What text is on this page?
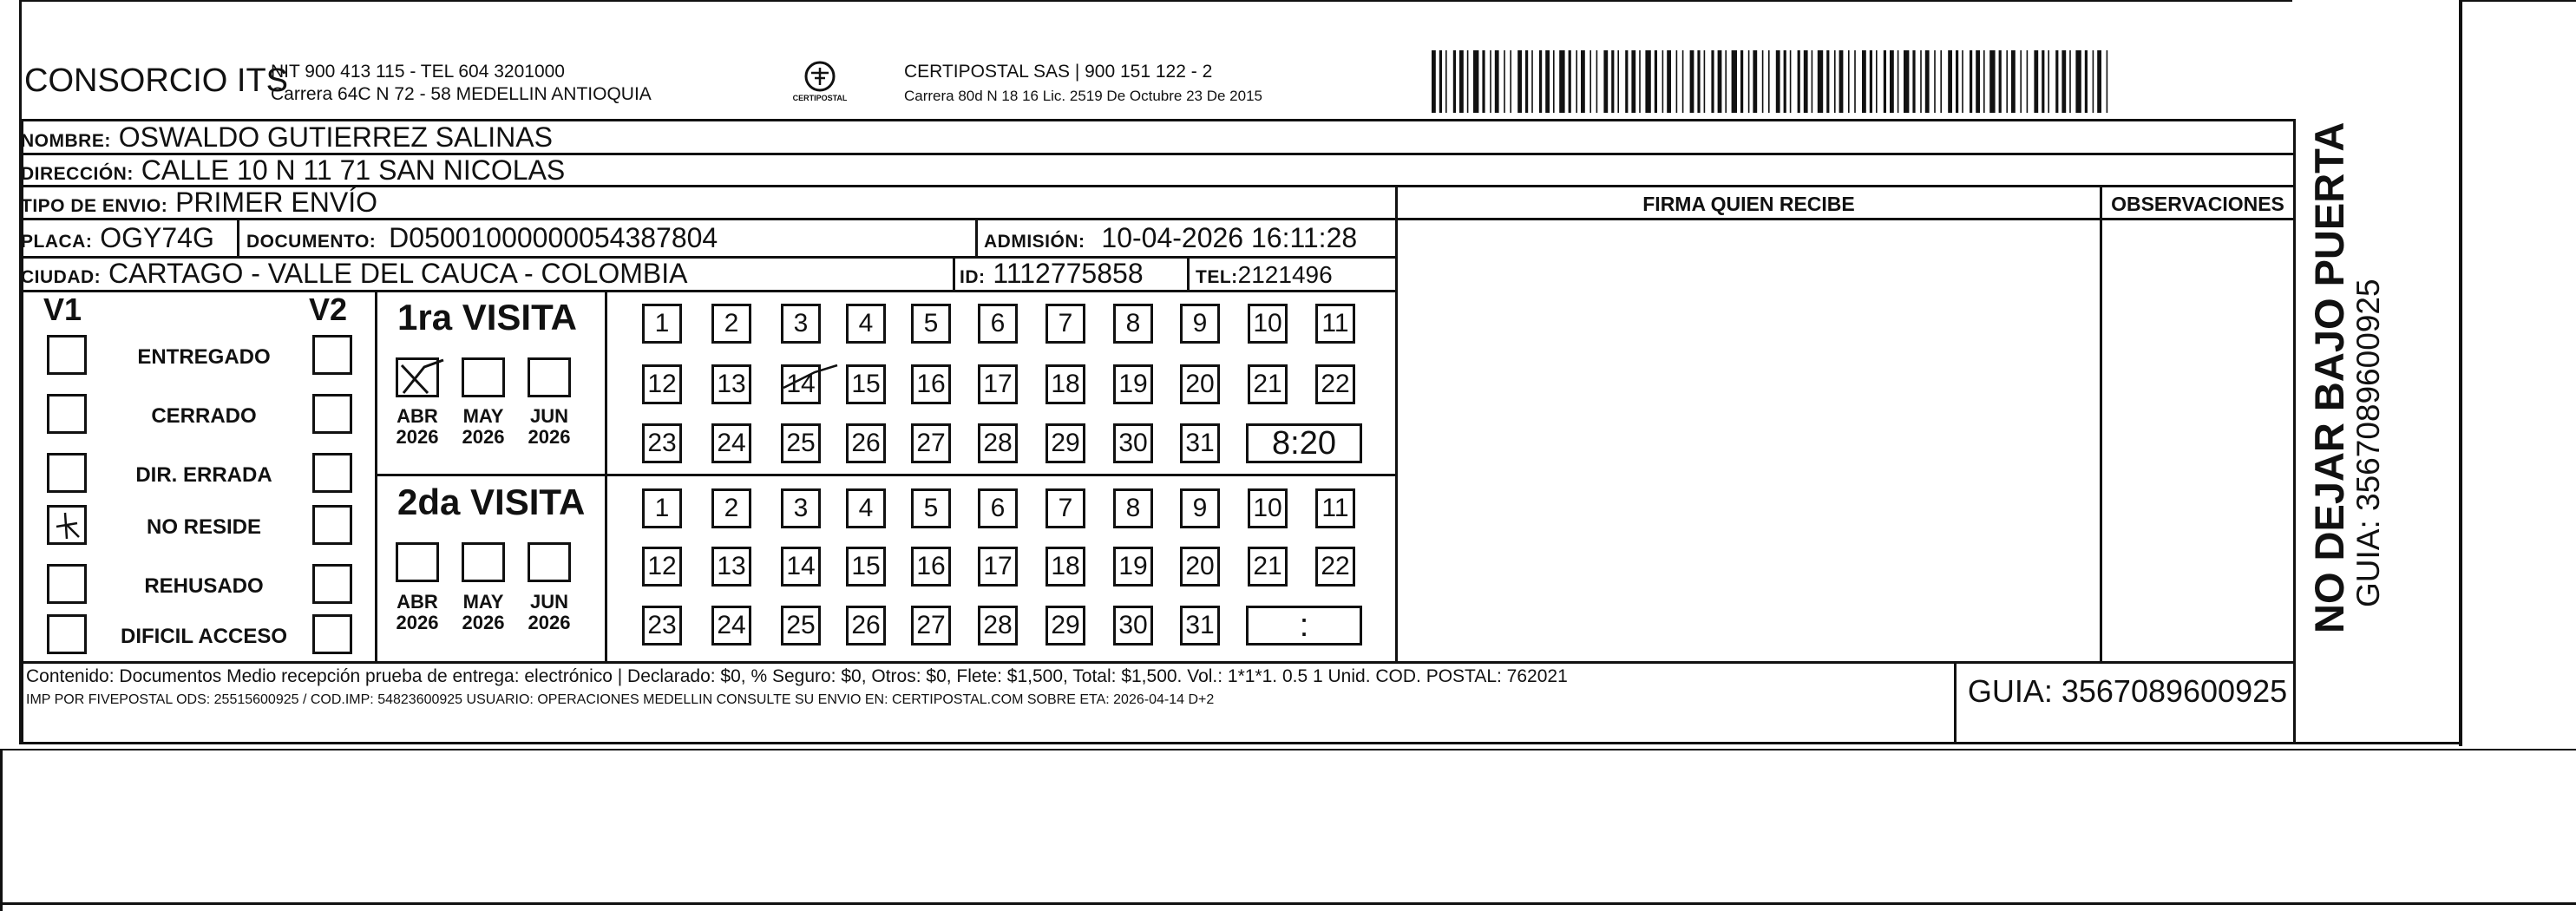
CONSORCIO ITS
NIT 900 413 115 - TEL 604 3201000
Carrera 64C N 72 - 58 MEDELLIN ANTIOQUIA	CERTIPOSTAL
CERTIPOSTAL SAS | 900 151 122 - 2
Carrera 80d N 18 16 Lic. 2519 De Octubre 23 De 2015
NOMBRE: OSWALDO GUTIERREZ SALINAS
DIRECCIÓN: CALLE 10 N 11 71 SAN NICOLAS
TIPO DE ENVIO: PRIMER ENVÍO
PLACA: OGY74G DOCUMENTO: D05001000000054387804	ADMISIÓN: 10-04-2026 16:11:28
CIUDAD: CARTAGO - VALLE DEL CAUCA - COLOMBIA	ID: 1112775858	TEL:2121496
FIRMA QUIEN RECIBE	OBSERVACIONES
V1	V2
ENTREGADO
CERRADO
DIR. ERRADA
NO RESIDE
REHUSADO
DIFICIL ACCESO
1ra VISITA
ABR
2026
MAY
2026
JUN
2026
1	2	3	4	5	6	7	8	9	10 11
12 13 14 15 16 17 18 19 20 21 22
23 24 25 26 27 28 29 30 31	8:20
2da VISITA
ABR
2026
MAY
2026
JUN
2026
1	2	3	4	5	6	7	8	9	10 11
12 13 14 15 16 17 18 19 20 21 22
23 24 25 26 27 28 29 30 31	:
Contenido: Documentos Medio recepción prueba de entrega: electrónico | Declarado: $0, % Seguro: $0, Otros: $0, Flete: $1,500, Total: $1,500. Vol.: 1*1*1. 0.5 1 Unid. COD. POSTAL: 762021
IMP POR FIVEPOSTAL ODS: 25515600925 / COD.IMP: 54823600925 USUARIO: OPERACIONES MEDELLIN CONSULTE SU ENVIO EN: CERTIPOSTAL.COM SOBRE ETA: 2026-04-14 D+2	GUIA: 3567089600925
NO DEJAR BAJO PUERTA
GUIA: 3567089600925
